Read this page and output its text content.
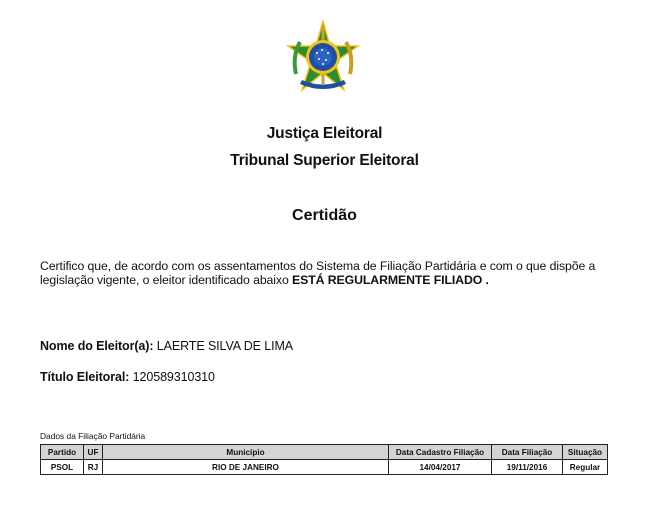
Justiça Eleitoral
Tribunal Superior Eleitoral
Certidão
Certifico que, de acordo com os assentamentos do Sistema de Filiação Partidária e com o que dispõe a legislação vigente, o eleitor identificado abaixo ESTÁ REGULARMENTE FILIADO .
Nome do Eleitor(a): LAERTE SILVA DE LIMA
Título Eleitoral: 120589310310
Dados da Filiação Partidária
Partido	UF	Município	Data Cadastro Filiação	Data Filiação	Situação
PSOL	RJ	RIO DE JANEIRO	14/04/2017	19/11/2016	Regular
